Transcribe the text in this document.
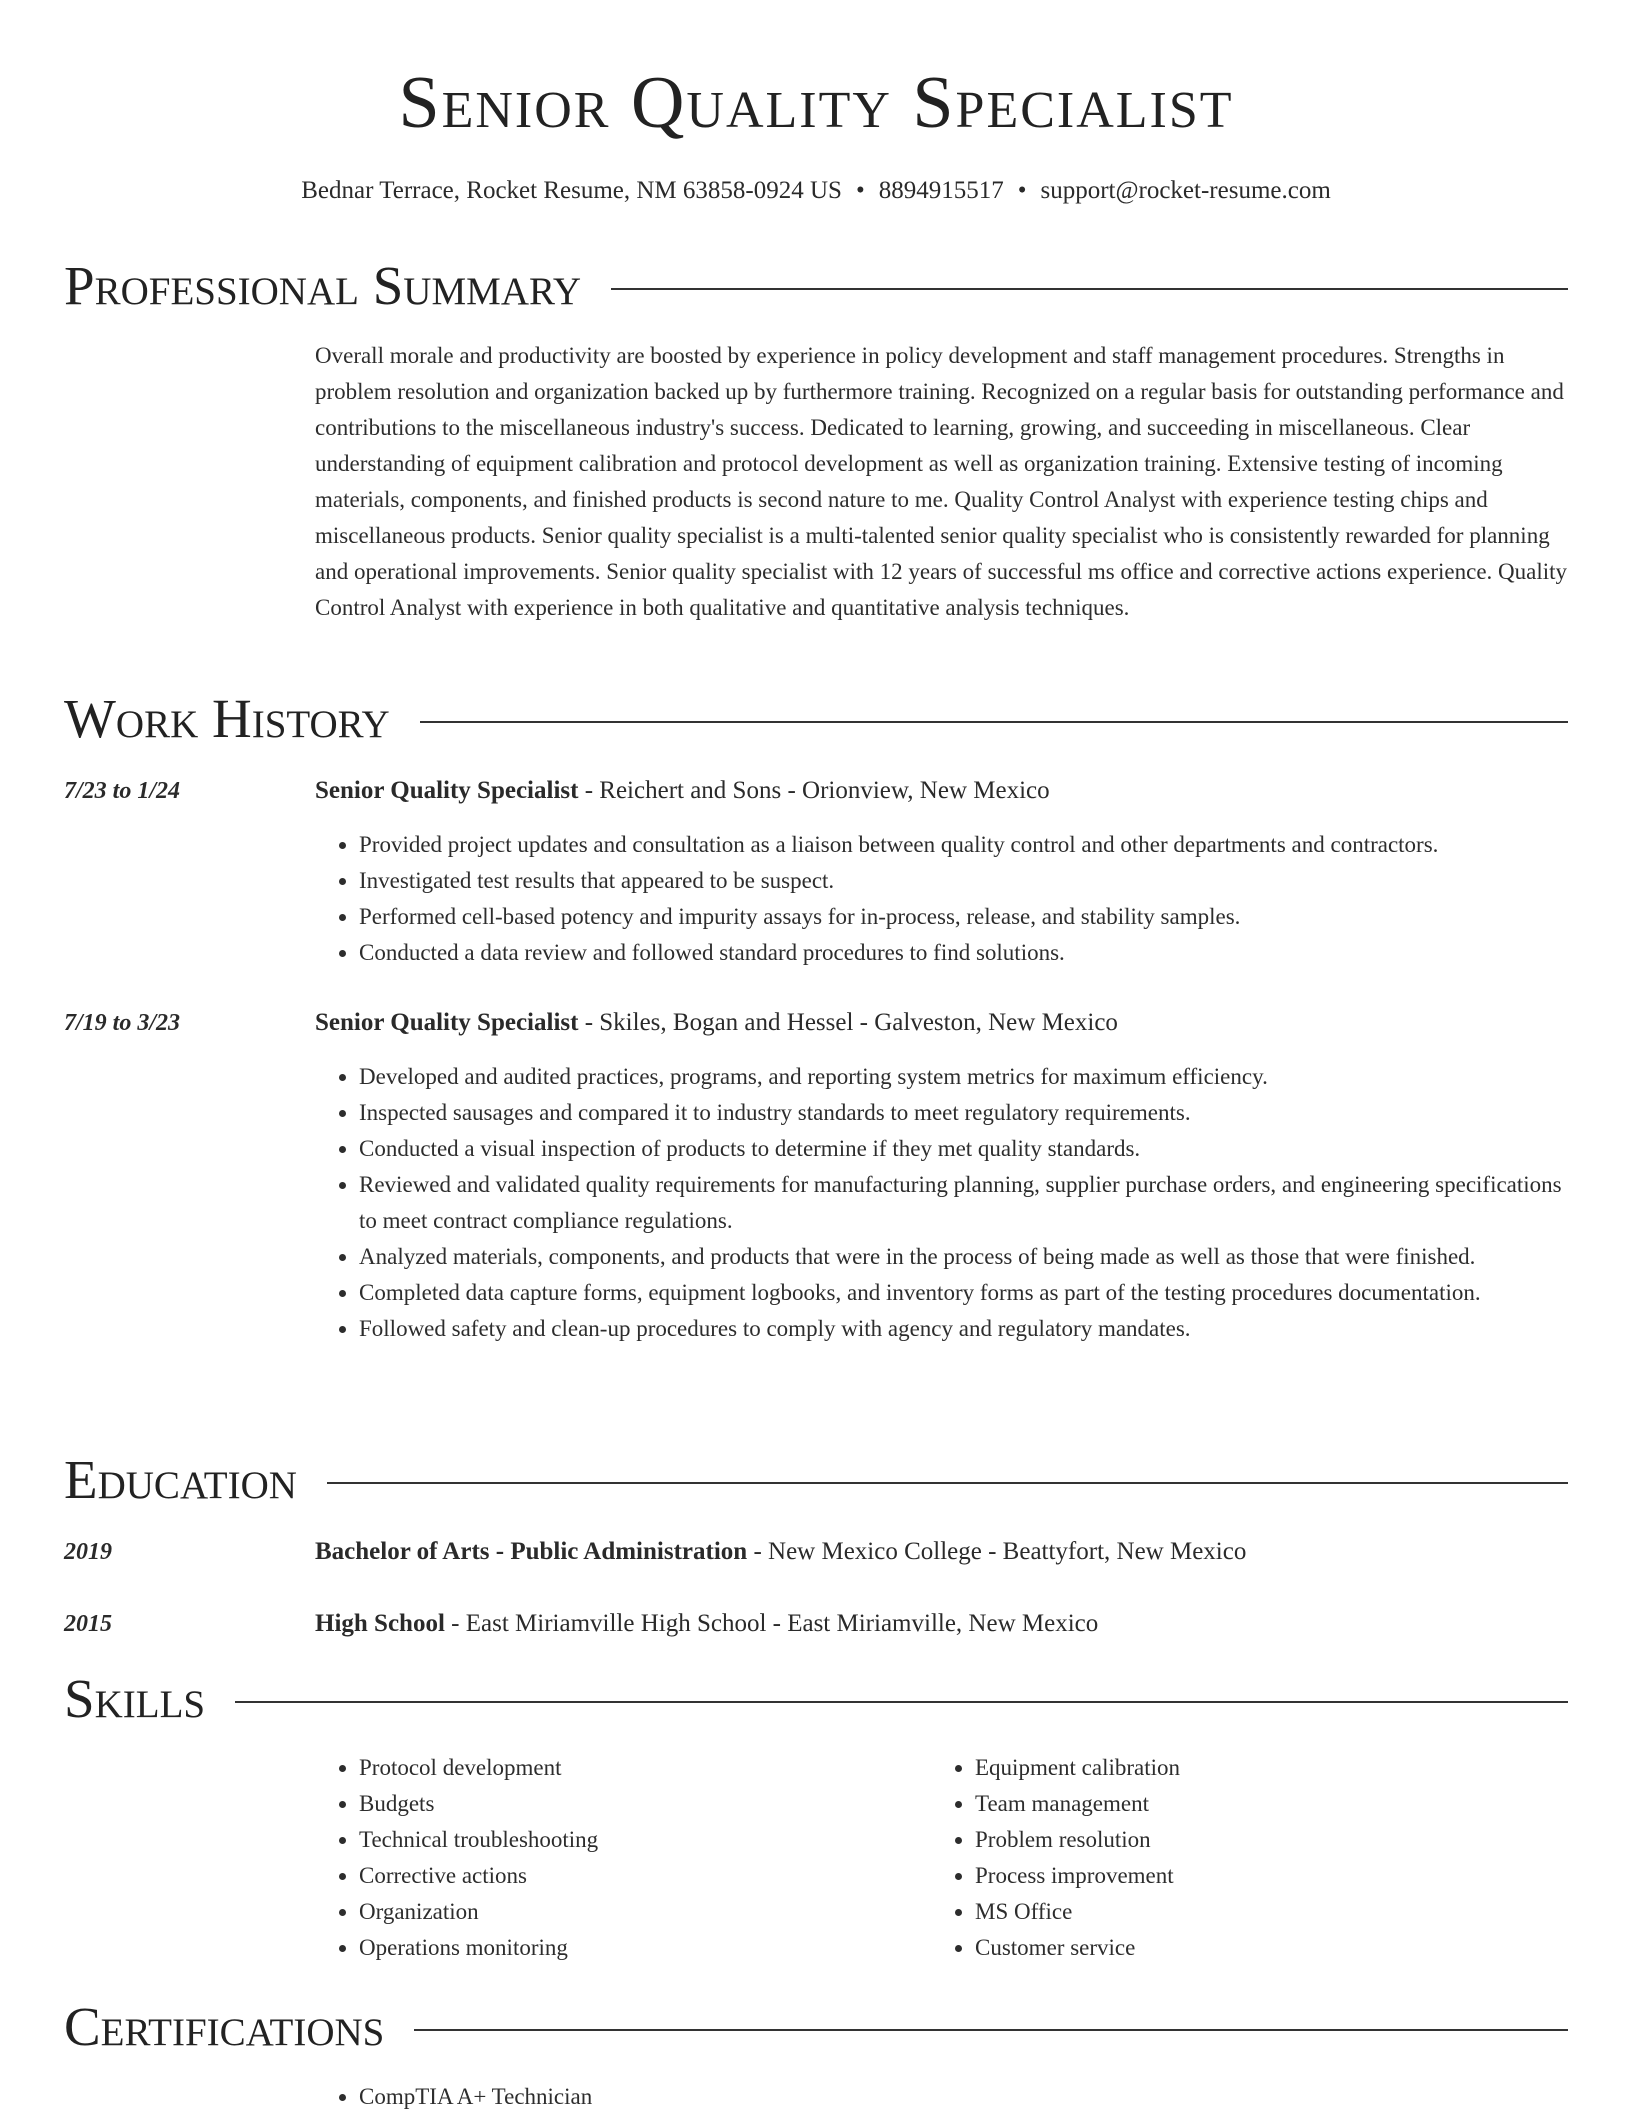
Senior Quality Specialist
Bednar Terrace, Rocket Resume, NM 63858-0924 US • 8894915517 • support@rocket-resume.com
Professional Summary
Overall morale and productivity are boosted by experience in policy development and staff management procedures. Strengths in problem resolution and organization backed up by furthermore training. Recognized on a regular basis for outstanding performance and contributions to the miscellaneous industry's success. Dedicated to learning, growing, and succeeding in miscellaneous. Clear understanding of equipment calibration and protocol development as well as organization training. Extensive testing of incoming materials, components, and finished products is second nature to me. Quality Control Analyst with experience testing chips and miscellaneous products. Senior quality specialist is a multi-talented senior quality specialist who is consistently rewarded for planning and operational improvements. Senior quality specialist with 12 years of successful ms office and corrective actions experience. Quality Control Analyst with experience in both qualitative and quantitative analysis techniques.
Work History
7/23 to 1/24	Senior Quality Specialist - Reichert and Sons - Orionview, New Mexico
• Provided project updates and consultation as a liaison between quality control and other departments and contractors.
• Investigated test results that appeared to be suspect.
• Performed cell-based potency and impurity assays for in-process, release, and stability samples.
• Conducted a data review and followed standard procedures to find solutions.
7/19 to 3/23	Senior Quality Specialist - Skiles, Bogan and Hessel - Galveston, New Mexico
• Developed and audited practices, programs, and reporting system metrics for maximum efficiency.
• Inspected sausages and compared it to industry standards to meet regulatory requirements.
• Conducted a visual inspection of products to determine if they met quality standards.
• Reviewed and validated quality requirements for manufacturing planning, supplier purchase orders, and engineering specifications to meet contract compliance regulations.
• Analyzed materials, components, and products that were in the process of being made as well as those that were finished.
• Completed data capture forms, equipment logbooks, and inventory forms as part of the testing procedures documentation.
• Followed safety and clean-up procedures to comply with agency and regulatory mandates.
Education
2019	Bachelor of Arts - Public Administration - New Mexico College - Beattyfort, New Mexico
2015	High School - East Miriamville High School - East Miriamville, New Mexico
Skills
• Protocol development
• Budgets
• Technical troubleshooting
• Corrective actions
• Organization
• Operations monitoring
• Equipment calibration
• Team management
• Problem resolution
• Process improvement
• MS Office
• Customer service
Certifications
• CompTIA A+ Technician
